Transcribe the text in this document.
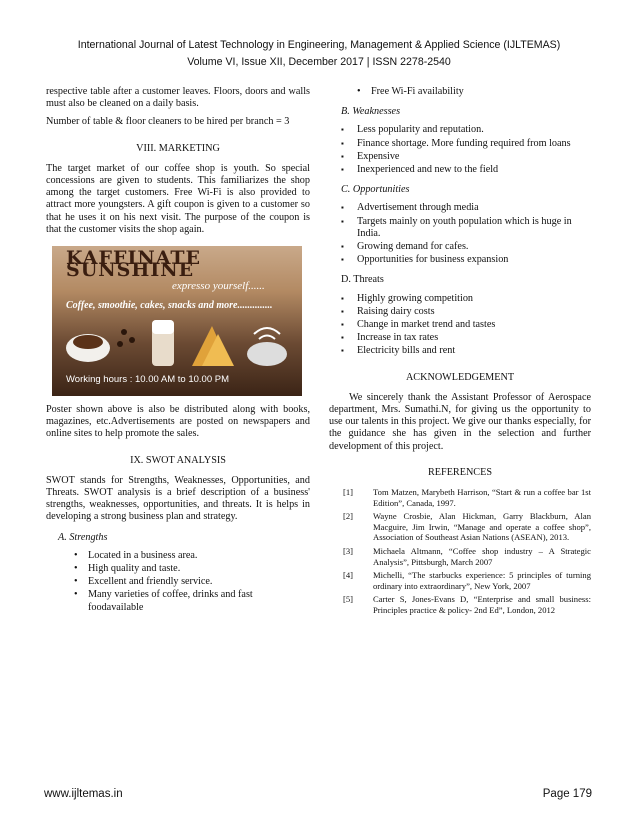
International Journal of Latest Technology in Engineering, Management & Applied Science (IJLTEMAS)
Volume VI, Issue XII, December 2017 | ISSN 2278-2540

respective table after a customer leaves. Floors, doors and walls must also be cleaned on a daily basis.

Number of table & floor cleaners to be hired per branch = 3

VIII. MARKETING

The target market of our coffee shop is youth. So special concessions are given to students. This familiarizes the shop among the target customers. Free Wi-Fi is also provided to attract more youngsters. A gift coupon is given to a customer so that he uses it on his next visit. The purpose of the coupon is that the customer visits the shop again.

KAFFINATE SUNSHINE
expresso yourself......
Coffee, smoothie, cakes, snacks and more..............
Working hours : 10.00 AM to 10.00 PM

Poster shown above is also be distributed along with books, magazines, etc.Advertisements are posted on newspapers and online sites to help promote the sales.

IX. SWOT ANALYSIS

SWOT stands for Strengths, Weaknesses, Opportunities, and Threats. SWOT analysis is a brief description of a business' strengths, weaknesses, opportunities, and threats. It is helps in developing a strong business plan and strategy.

A. Strengths
• Located in a business area.
• High quality and taste.
• Excellent and friendly service.
• Many varieties of coffee, drinks and fast foodavailable
• Free Wi-Fi availability
B. Weaknesses
▪ Less popularity and reputation.
▪ Finance shortage. More funding required from loans
▪ Expensive
▪ Inexperienced and new to the field
C. Opportunities
▪ Advertisement through media
▪ Targets mainly on youth population which is huge in India.
▪ Growing demand for cafes.
▪ Opportunities for business expansion
D. Threats
▪ Highly growing competition
▪ Raising dairy costs
▪ Change in market trend and tastes
▪ Increase in tax rates
▪ Electricity bills and rent
ACKNOWLEDGEMENT

We sincerely thank the Assistant Professor of Aerospace department, Mrs. Sumathi.N, for giving us the opportunity to use our talents in this project. We give our thanks especially, for the guidance she has given in the selection and further development of this project.

REFERENCES
[1] Tom Matzen, Marybeth Harrison, “Start & run a coffee bar 1st Edition”, Canada, 1997.
[2] Wayne Crosbie, Alan Hickman, Garry Blackburn, Alan Macguire, Jim Irwin, “Manage and operate a coffee shop”, Association of Southeast Asian Nations (ASEAN), 2013.
[3] Michaela Altmann, “Coffee shop industry – A Strategic Analysis”, Pittsburgh, March 2007
[4] Michelli, “The starbucks experience: 5 principles of turning ordinary into extraordinary”, New York, 2007
[5] Carter S, Jones-Evans D, “Enterprise and small business: Principles practice & policy- 2nd Ed”, London, 2012
www.ijltemas.in	Page 179
